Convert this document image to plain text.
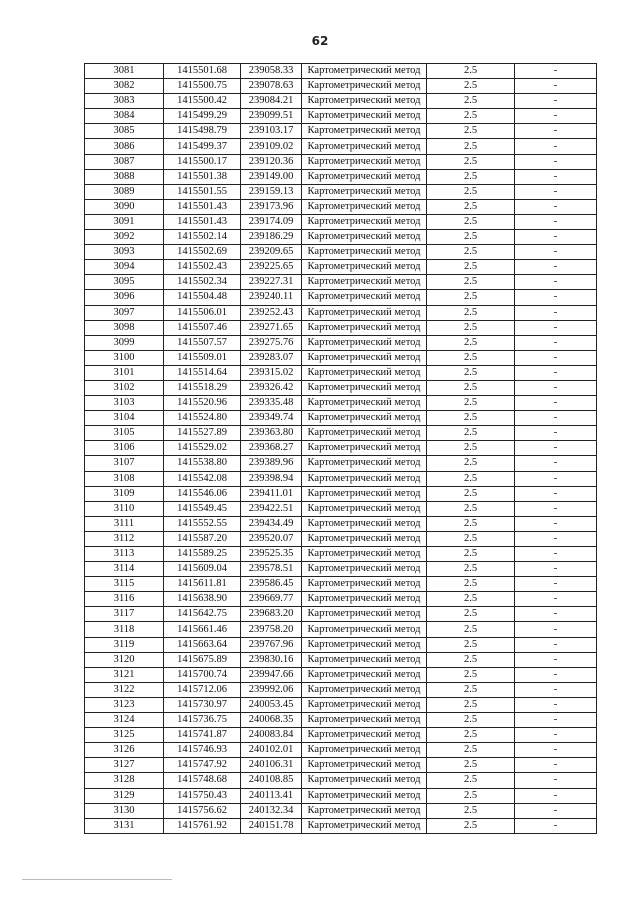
62
3081	1415501.68	239058.33	Картометрический метод	2.5	-
3082	1415500.75	239078.63	Картометрический метод	2.5	-
3083	1415500.42	239084.21	Картометрический метод	2.5	-
3084	1415499.29	239099.51	Картометрический метод	2.5	-
3085	1415498.79	239103.17	Картометрический метод	2.5	-
3086	1415499.37	239109.02	Картометрический метод	2.5	-
3087	1415500.17	239120.36	Картометрический метод	2.5	-
3088	1415501.38	239149.00	Картометрический метод	2.5	-
3089	1415501.55	239159.13	Картометрический метод	2.5	-
3090	1415501.43	239173.96	Картометрический метод	2.5	-
3091	1415501.43	239174.09	Картометрический метод	2.5	-
3092	1415502.14	239186.29	Картометрический метод	2.5	-
3093	1415502.69	239209.65	Картометрический метод	2.5	-
3094	1415502.43	239225.65	Картометрический метод	2.5	-
3095	1415502.34	239227.31	Картометрический метод	2.5	-
3096	1415504.48	239240.11	Картометрический метод	2.5	-
3097	1415506.01	239252.43	Картометрический метод	2.5	-
3098	1415507.46	239271.65	Картометрический метод	2.5	-
3099	1415507.57	239275.76	Картометрический метод	2.5	-
3100	1415509.01	239283.07	Картометрический метод	2.5	-
3101	1415514.64	239315.02	Картометрический метод	2.5	-
3102	1415518.29	239326.42	Картометрический метод	2.5	-
3103	1415520.96	239335.48	Картометрический метод	2.5	-
3104	1415524.80	239349.74	Картометрический метод	2.5	-
3105	1415527.89	239363.80	Картометрический метод	2.5	-
3106	1415529.02	239368.27	Картометрический метод	2.5	-
3107	1415538.80	239389.96	Картометрический метод	2.5	-
3108	1415542.08	239398.94	Картометрический метод	2.5	-
3109	1415546.06	239411.01	Картометрический метод	2.5	-
3110	1415549.45	239422.51	Картометрический метод	2.5	-
3111	1415552.55	239434.49	Картометрический метод	2.5	-
3112	1415587.20	239520.07	Картометрический метод	2.5	-
3113	1415589.25	239525.35	Картометрический метод	2.5	-
3114	1415609.04	239578.51	Картометрический метод	2.5	-
3115	1415611.81	239586.45	Картометрический метод	2.5	-
3116	1415638.90	239669.77	Картометрический метод	2.5	-
3117	1415642.75	239683.20	Картометрический метод	2.5	-
3118	1415661.46	239758.20	Картометрический метод	2.5	-
3119	1415663.64	239767.96	Картометрический метод	2.5	-
3120	1415675.89	239830.16	Картометрический метод	2.5	-
3121	1415700.74	239947.66	Картометрический метод	2.5	-
3122	1415712.06	239992.06	Картометрический метод	2.5	-
3123	1415730.97	240053.45	Картометрический метод	2.5	-
3124	1415736.75	240068.35	Картометрический метод	2.5	-
3125	1415741.87	240083.84	Картометрический метод	2.5	-
3126	1415746.93	240102.01	Картометрический метод	2.5	-
3127	1415747.92	240106.31	Картометрический метод	2.5	-
3128	1415748.68	240108.85	Картометрический метод	2.5	-
3129	1415750.43	240113.41	Картометрический метод	2.5	-
3130	1415756.62	240132.34	Картометрический метод	2.5	-
3131	1415761.92	240151.78	Картометрический метод	2.5	-
